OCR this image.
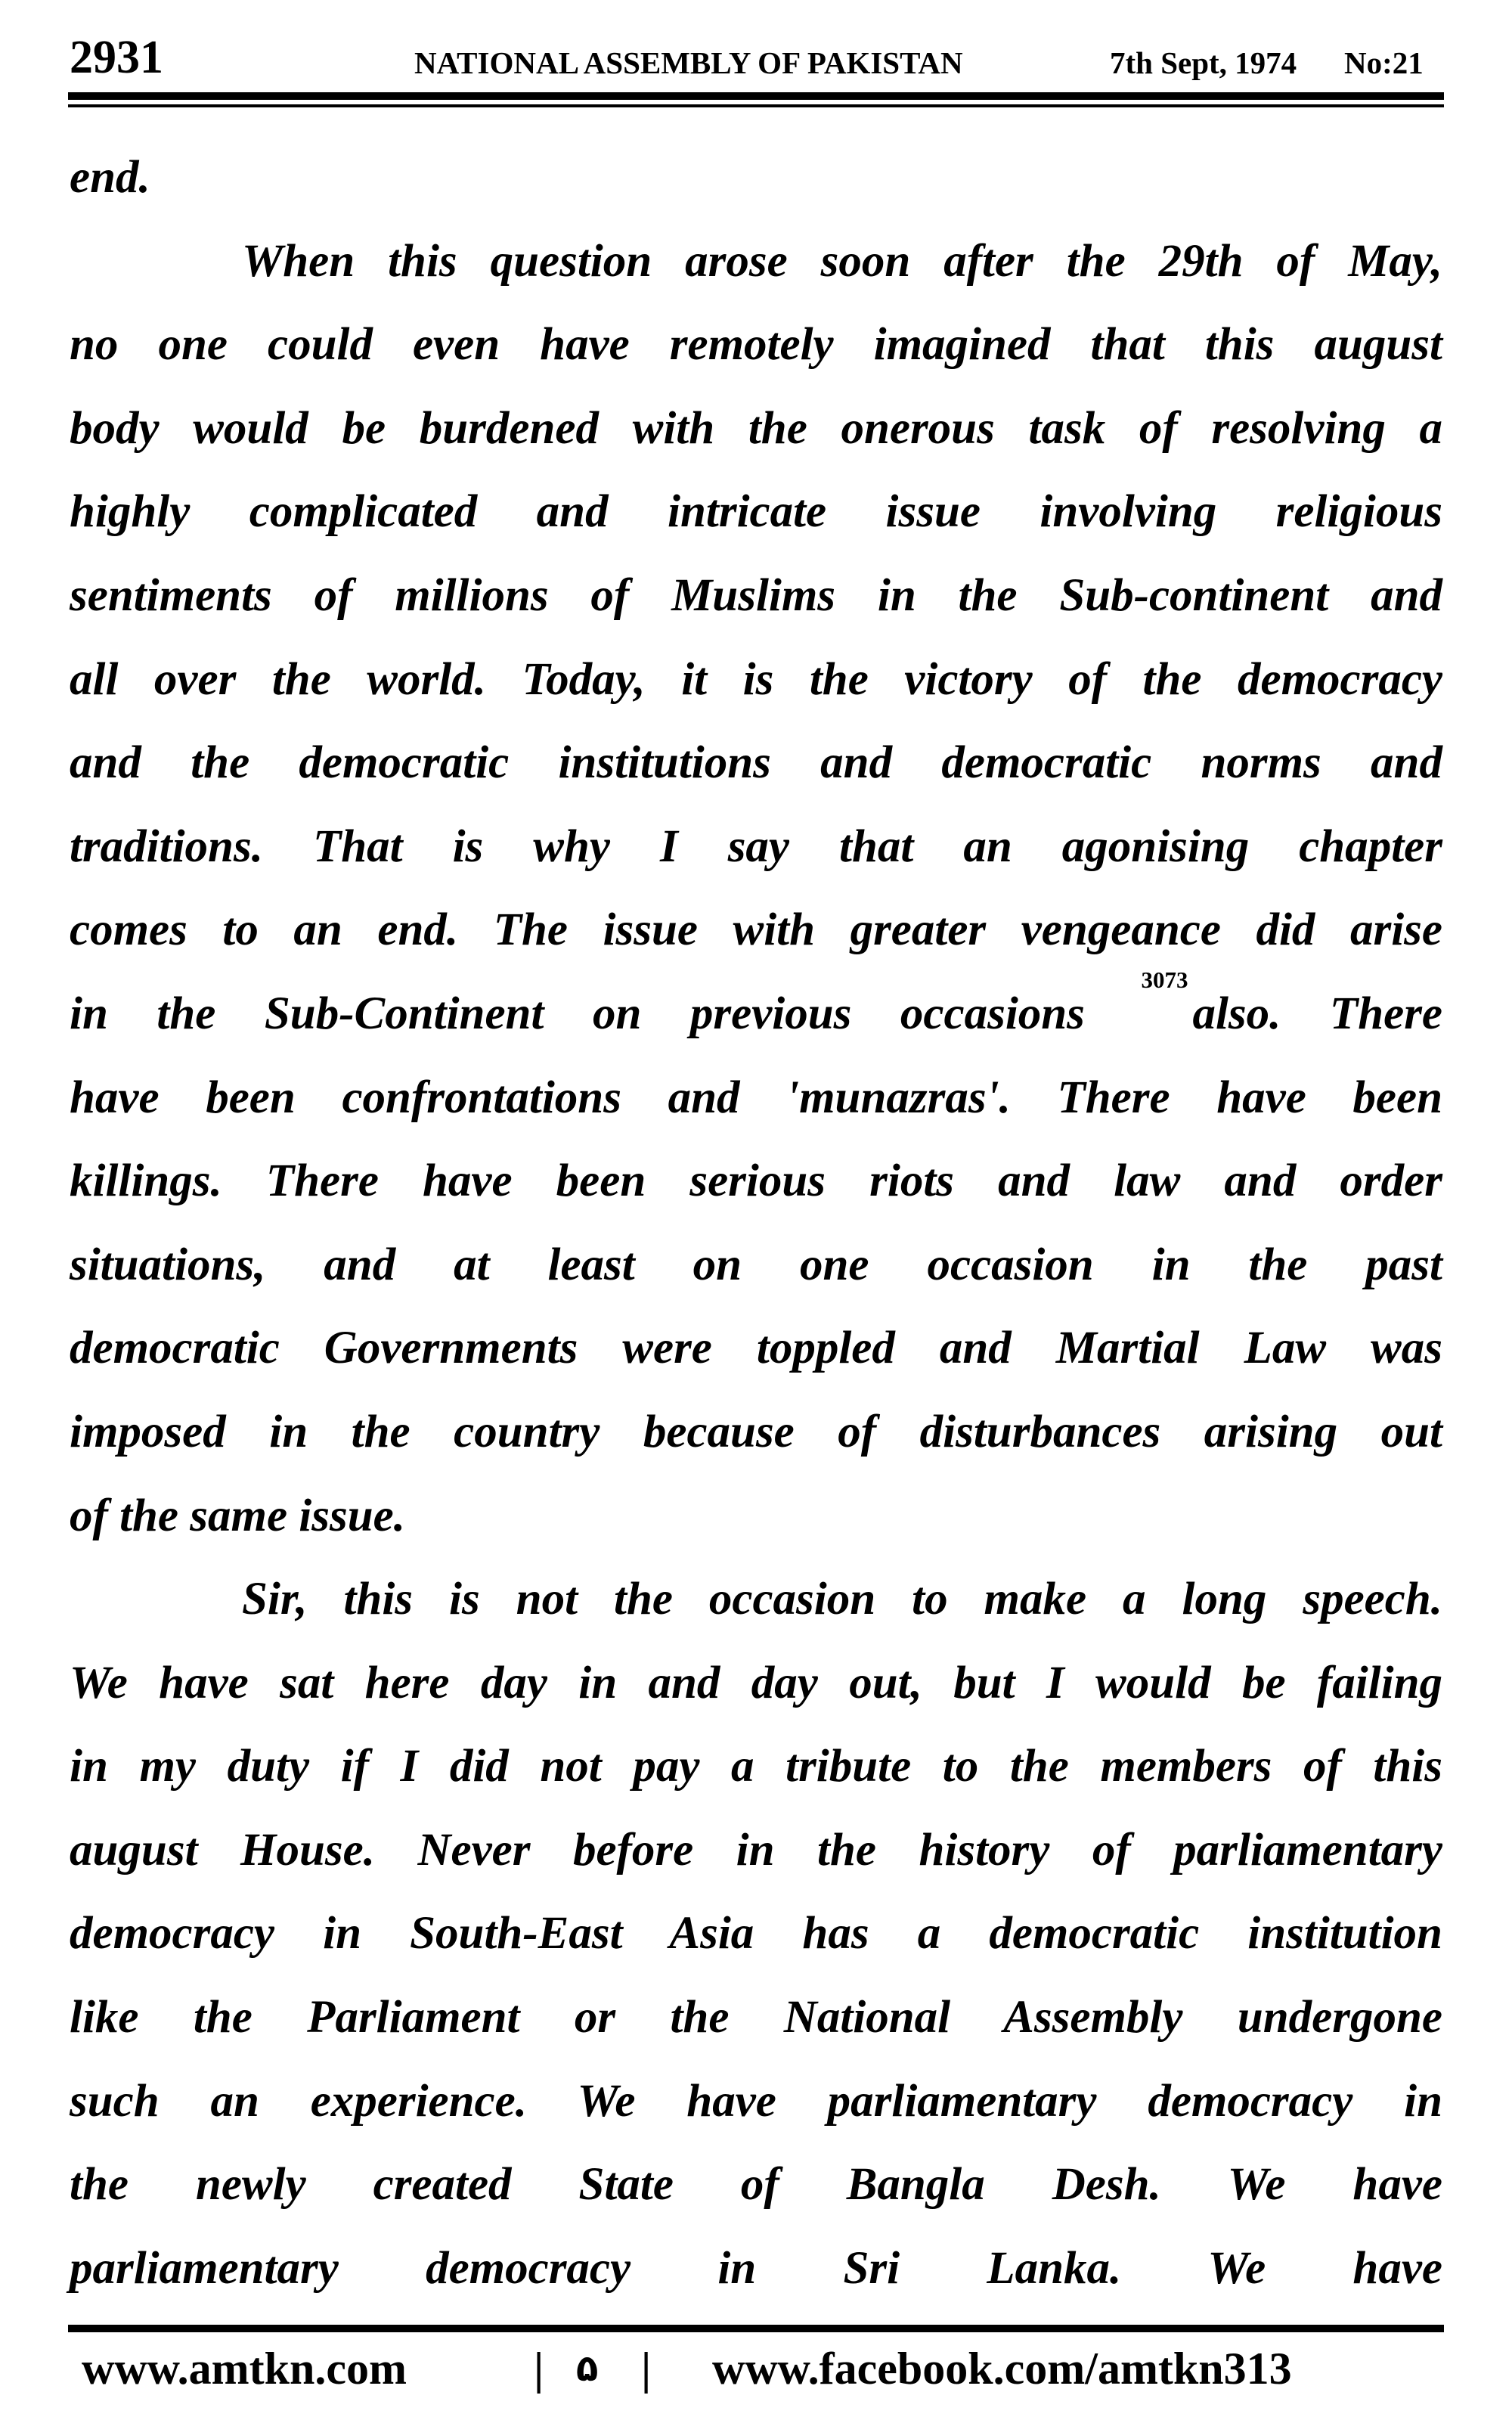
2931	NATIONAL ASSEMBLY OF PAKISTAN	7th Sept, 1974 No:21
end.
When this question arose soon after the 29th of May,
no one could even have remotely imagined that this august
body would be burdened with the onerous task of resolving a
highly complicated and intricate issue involving religious
sentiments of millions of Muslims in the Sub-continent and
all over the world. Today, it is the victory of the democracy
and the democratic institutions and democratic norms and
traditions. That is why I say that an agonising chapter
comes to an end. The issue with greater vengeance did arise
in the Sub-Continent on previous occasions $^{3073}$also. There
have been confrontations and 'munazras'. There have been
killings. There have been serious riots and law and order
situations, and at least on one occasion in the past
democratic Governments were toppled and Martial Law was
imposed in the country because of disturbances arising out
of the same issue.
Sir, this is not the occasion to make a long speech.
We have sat here day in and day out, but I would be failing
in my duty if I did not pay a tribute to the members of this
august House. Never before in the history of parliamentary
democracy in South-East Asia has a democratic institution
like the Parliament or the National Assembly undergone
such an experience. We have parliamentary democracy in
the newly created State of Bangla Desh. We have
parliamentary democracy in Sri Lanka. We have
www.amtkn.com	| ۵ | www.facebook.com/amtkn313
